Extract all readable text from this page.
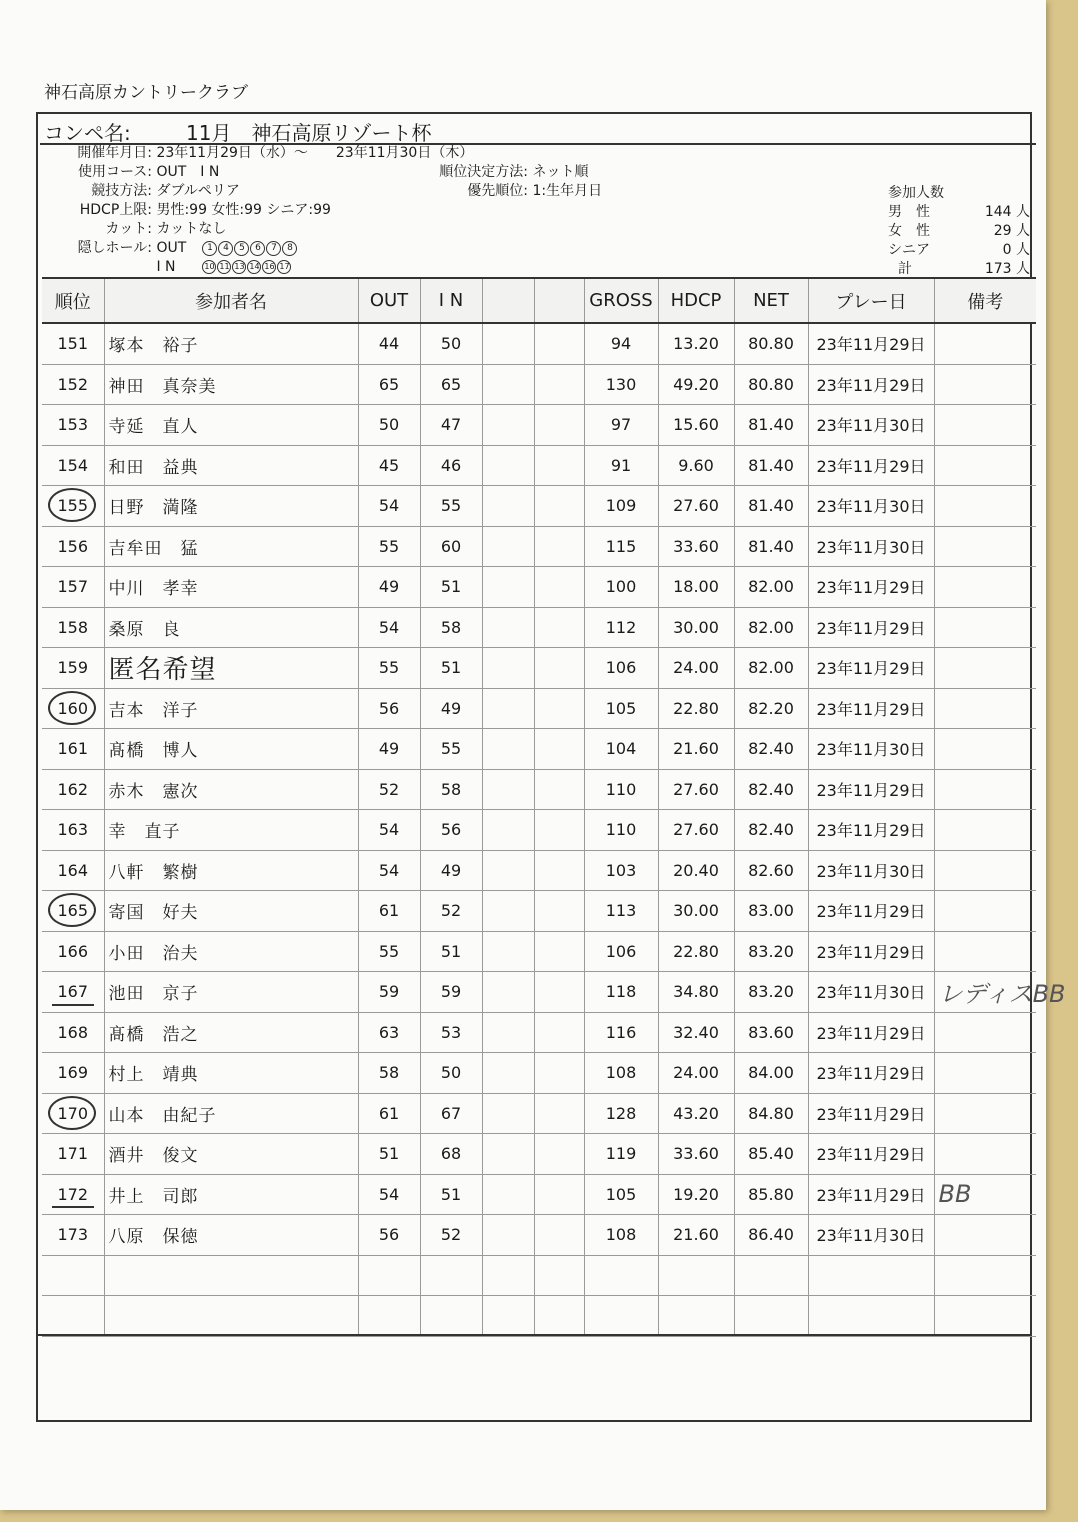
神石高原カントリークラブ
コンペ名:	11月　神石高原リゾート杯
開催年月日: 23年11月29日（水）～　　23年11月30日（木）
使用コース: OUT　I N
競技方法: ダブルペリア
HDCP上限: 男性:99 女性:99 シニア:99
カット: カットなし
隠しホール: OUT 1 4 5 6 7 8
I N	10 11 13 14 16 17

順位決定方法: ネット順
優先順位: 1:生年月日	参加人数
男　性	144 人
女　性	29 人
シニア	0 人
計	173 人
順位	参加者名	OUT	I N			GROSS	HDCP	NET	プレー日	備考
151	塚本　裕子	44	50			94	13.20	80.80	23年11月29日	
152	神田　真奈美	65	65			130	49.20	80.80	23年11月29日	
153	寺延　直人	50	47			97	15.60	81.40	23年11月30日	
154	和田　益典	45	46			91	9.60	81.40	23年11月29日	
155	日野　満隆	54	55			109	27.60	81.40	23年11月30日	
156	吉牟田　猛	55	60			115	33.60	81.40	23年11月30日	
157	中川　孝幸	49	51			100	18.00	82.00	23年11月29日	
158	桑原　良	54	58			112	30.00	82.00	23年11月29日	
159	匿名希望	55	51			106	24.00	82.00	23年11月29日	
160	吉本　洋子	56	49			105	22.80	82.20	23年11月29日	
161	髙橋　博人	49	55			104	21.60	82.40	23年11月30日	
162	赤木　憲次	52	58			110	27.60	82.40	23年11月29日	
163	幸　直子	54	56			110	27.60	82.40	23年11月29日	
164	八軒　繁樹	54	49			103	20.40	82.60	23年11月30日	
165	寄国　好夫	61	52			113	30.00	83.00	23年11月29日	
166	小田　治夫	55	51			106	22.80	83.20	23年11月29日	
167	池田　京子	59	59			118	34.80	83.20	23年11月30日	レディスBB
168	髙橋　浩之	63	53			116	32.40	83.60	23年11月29日	
169	村上　靖典	58	50			108	24.00	84.00	23年11月29日	
170	山本　由紀子	61	67			128	43.20	84.80	23年11月29日	
171	酒井　俊文	51	68			119	33.60	85.40	23年11月29日	
172	井上　司郎	54	51			105	19.20	85.80	23年11月29日	BB
173	八原　保徳	56	52			108	21.60	86.40	23年11月30日	
